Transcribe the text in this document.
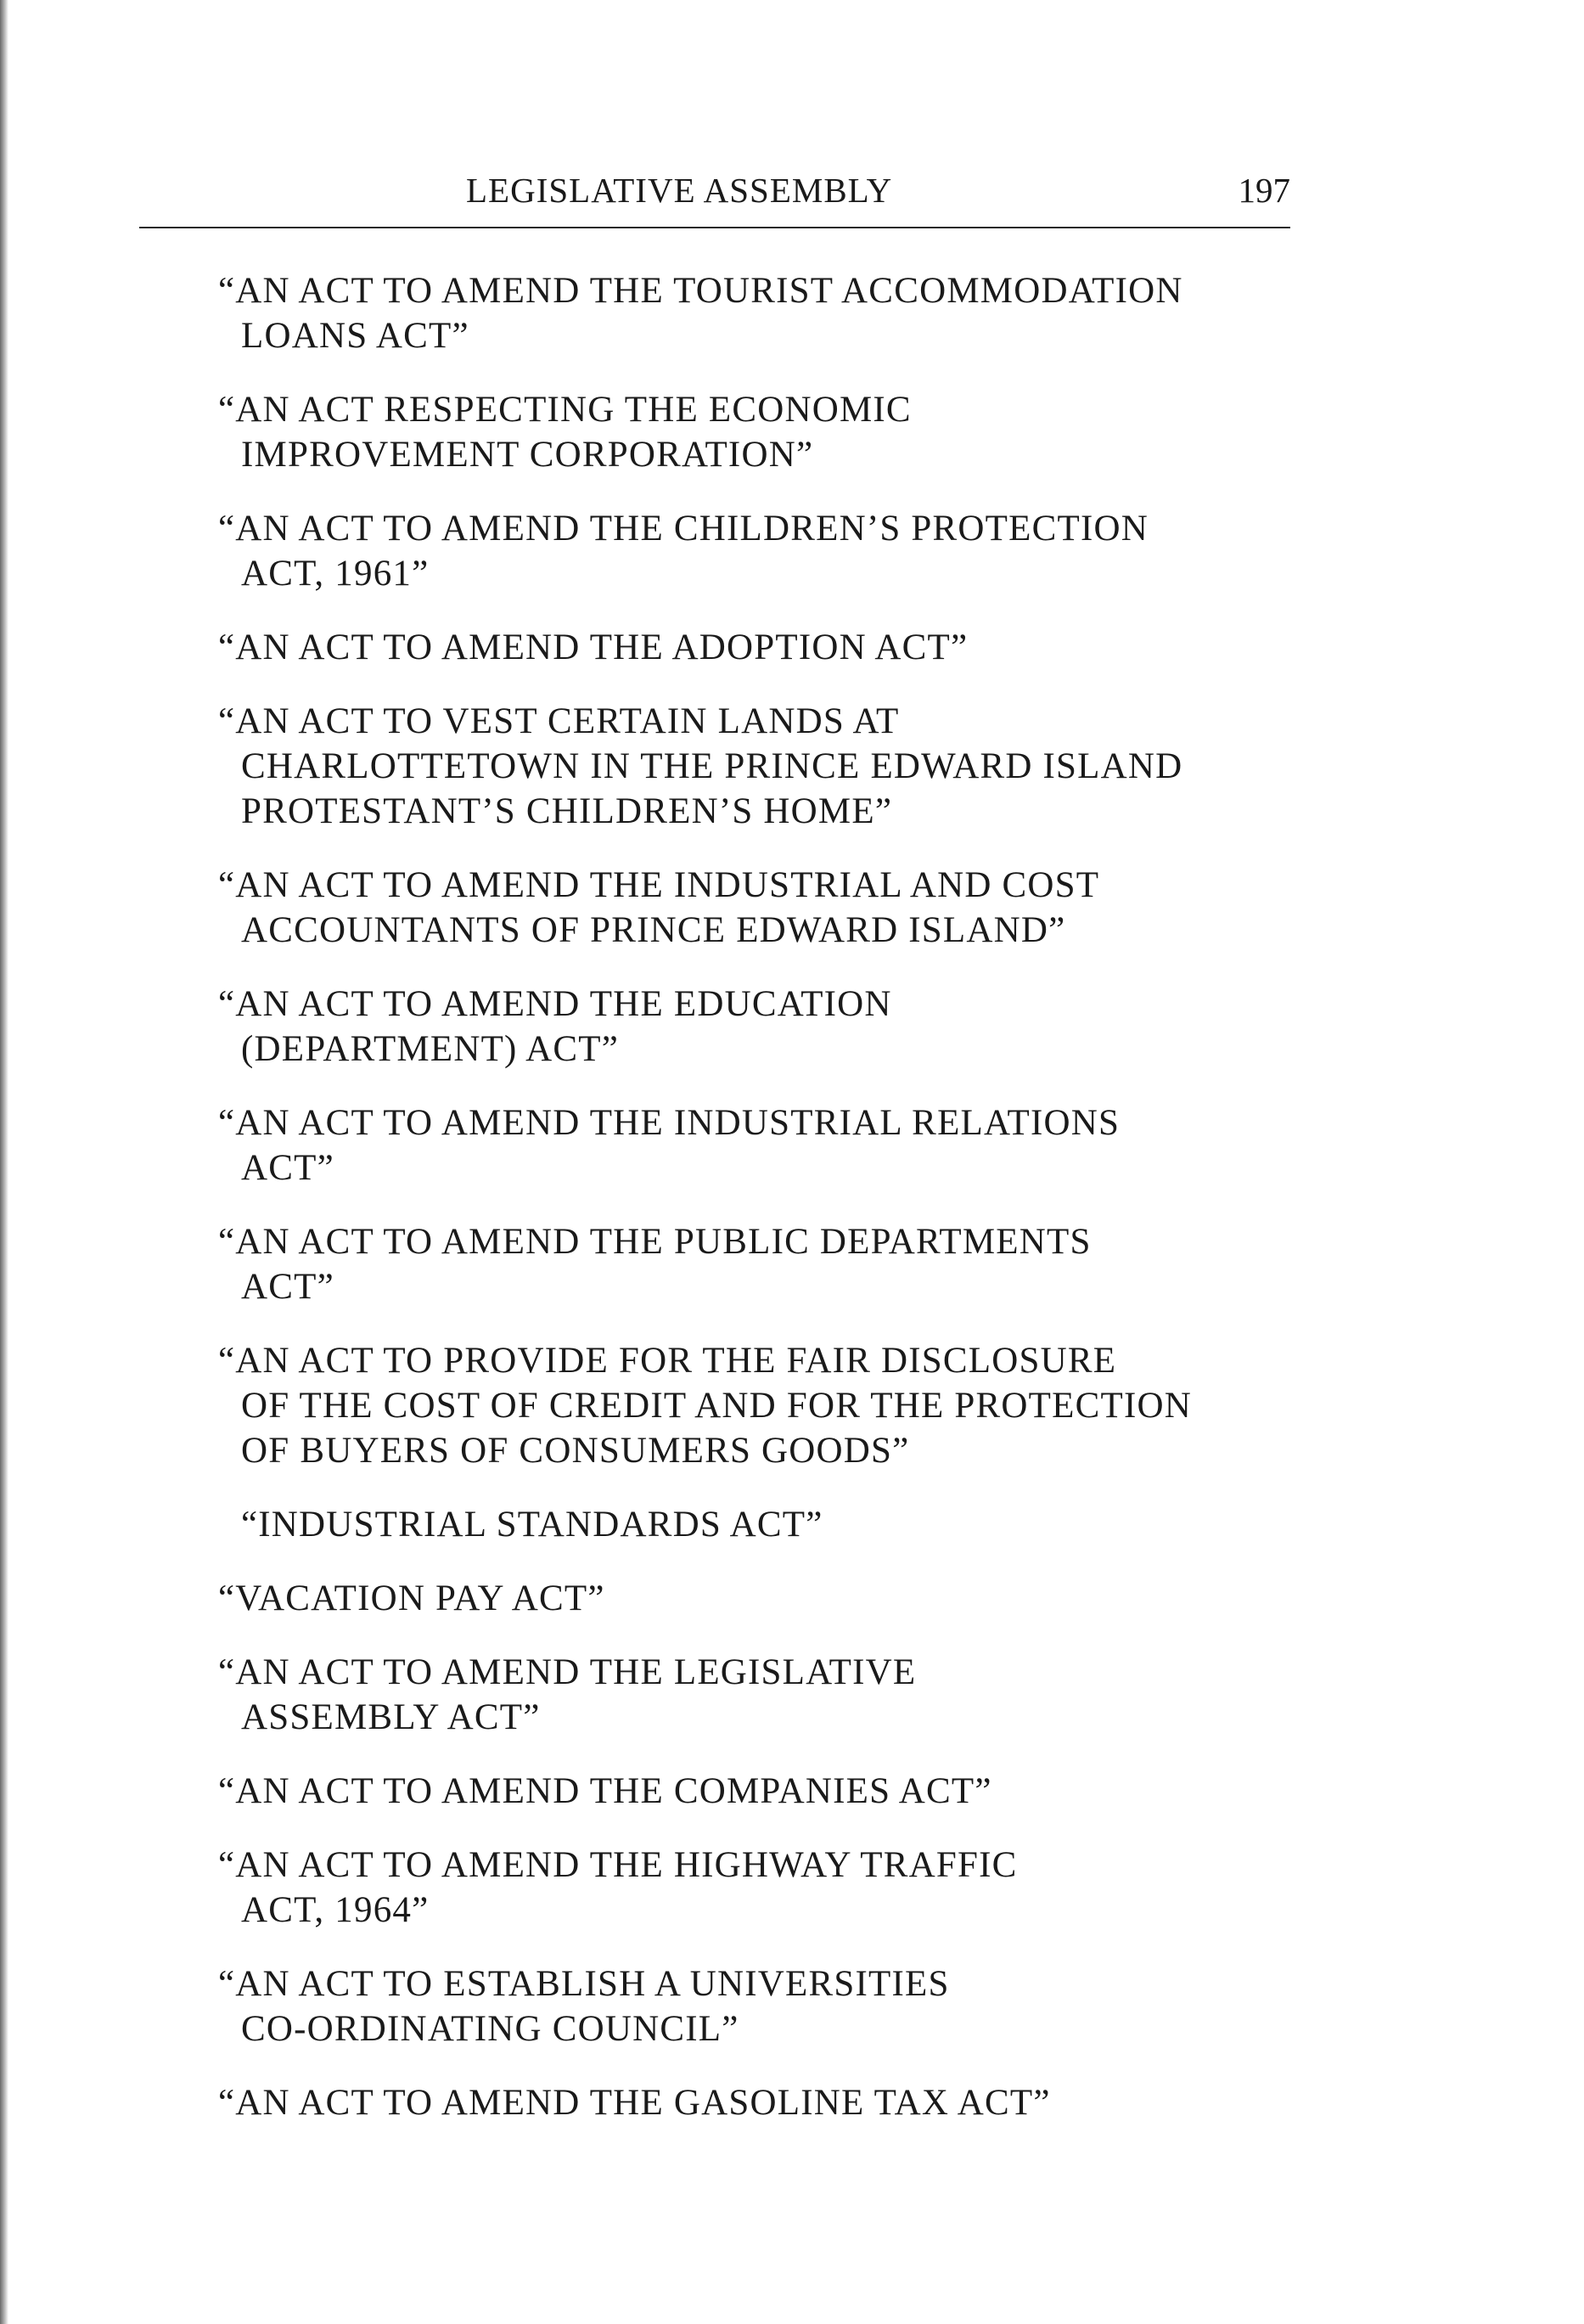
LEGISLATIVE ASSEMBLY	197
“AN ACT TO AMEND THE TOURIST ACCOMMODATION
LOANS ACT”
“AN ACT RESPECTING THE ECONOMIC
IMPROVEMENT CORPORATION”
“AN ACT TO AMEND THE CHILDREN’S PROTECTION
ACT, 1961”
“AN ACT TO AMEND THE ADOPTION ACT”
“AN ACT TO VEST CERTAIN LANDS AT
CHARLOTTETOWN IN THE PRINCE EDWARD ISLAND
PROTESTANT’S CHILDREN’S HOME”
“AN ACT TO AMEND THE INDUSTRIAL AND COST
ACCOUNTANTS OF PRINCE EDWARD ISLAND”
“AN ACT TO AMEND THE EDUCATION
(DEPARTMENT) ACT”
“AN ACT TO AMEND THE INDUSTRIAL RELATIONS
ACT”
“AN ACT TO AMEND THE PUBLIC DEPARTMENTS
ACT”
“AN ACT TO PROVIDE FOR THE FAIR DISCLOSURE
OF THE COST OF CREDIT AND FOR THE PROTECTION
OF BUYERS OF CONSUMERS GOODS”
“INDUSTRIAL STANDARDS ACT”
“VACATION PAY ACT”
“AN ACT TO AMEND THE LEGISLATIVE
ASSEMBLY ACT”
“AN ACT TO AMEND THE COMPANIES ACT”
“AN ACT TO AMEND THE HIGHWAY TRAFFIC
ACT, 1964”
“AN ACT TO ESTABLISH A UNIVERSITIES
CO-ORDINATING COUNCIL”
“AN ACT TO AMEND THE GASOLINE TAX ACT”
